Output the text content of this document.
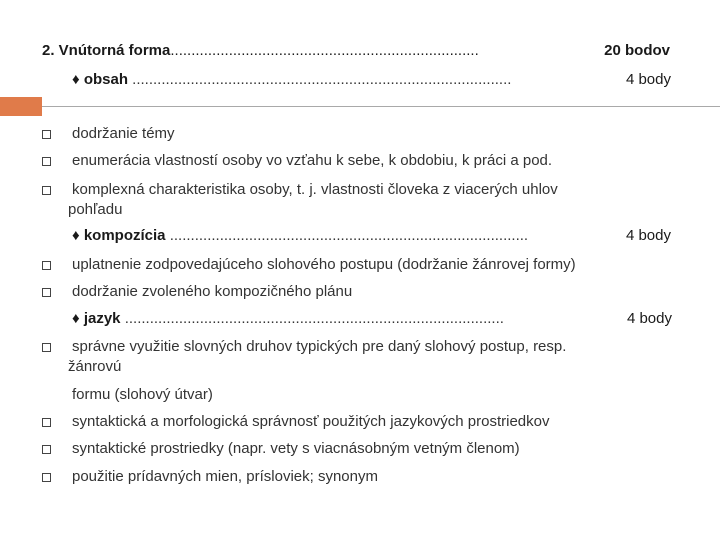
2. Vnútorná forma..........................................................................	20 bodov
♦ obsah ...........................................................................................	4 body
dodržanie témy
enumerácia vlastností osoby vo vzťahu k sebe, k obdobiu, k práci a pod.
komplexná charakteristika osoby, t. j. vlastnosti človeka z viacerých uhlov
pohľadu
♦ kompozícia ......................................................................................	4 body
uplatnenie zodpovedajúceho slohového postupu (dodržanie žánrovej formy)
dodržanie zvoleného kompozičného plánu
♦ jazyk ...........................................................................................	4 body
správne využitie slovných druhov typických pre daný slohový postup, resp.
žánrovú
formu (slohový útvar)
syntaktická a morfologická správnosť použitých jazykových prostriedkov
syntaktické prostriedky (napr. vety s viacnásobným vetným členom)
použitie prídavných mien, prísloviek; synonym
